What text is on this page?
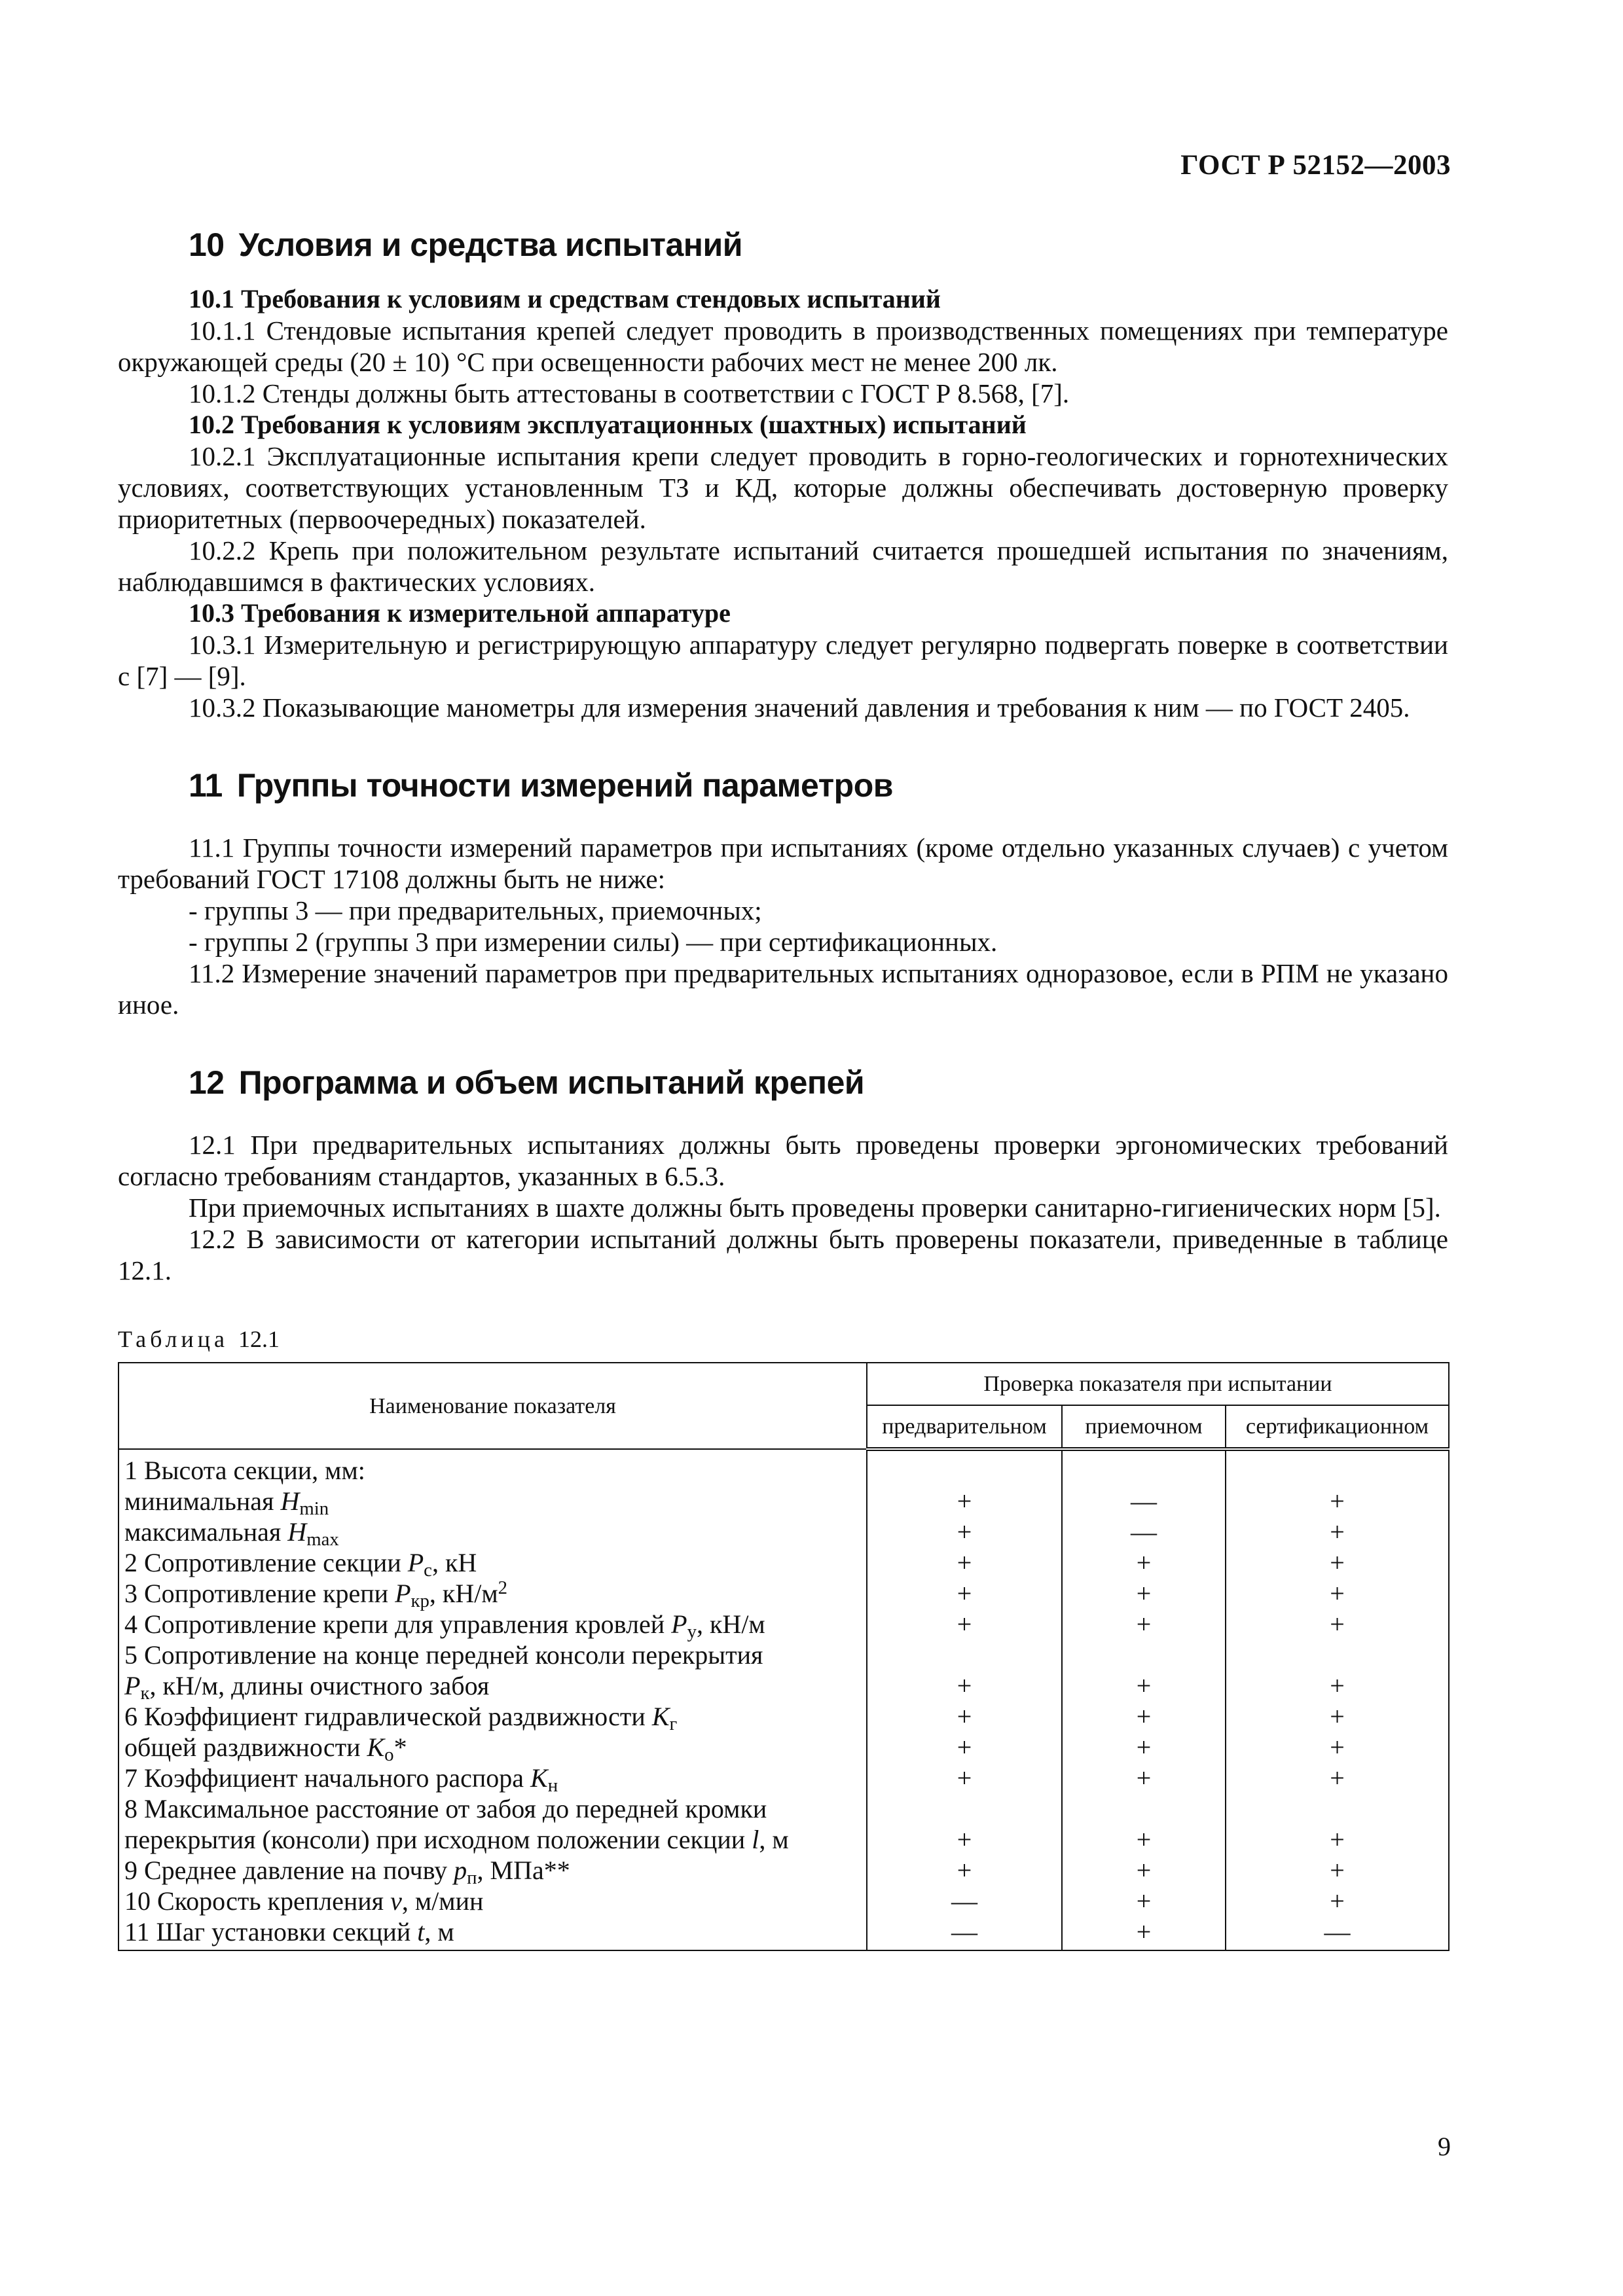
ГОСТ Р 52152—2003
10 Условия и средства испытаний

10.1 Требования к условиям и средствам стендовых испытаний

10.1.1 Стендовые испытания крепей следует проводить в производственных помещениях при температуре окружающей среды (20 ± 10) °С при освещенности рабочих мест не менее 200 лк.

10.1.2 Стенды должны быть аттестованы в соответствии с ГОСТ Р 8.568, [7].

10.2 Требования к условиям эксплуатационных (шахтных) испытаний

10.2.1 Эксплуатационные испытания крепи следует проводить в горно-геологических и горнотехнических условиях, соответствующих установленным ТЗ и КД, которые должны обеспечивать достоверную проверку приоритетных (первоочередных) показателей.

10.2.2 Крепь при положительном результате испытаний считается прошедшей испытания по значениям, наблюдавшимся в фактических условиях.

10.3 Требования к измерительной аппаратуре

10.3.1 Измерительную и регистрирующую аппаратуру следует регулярно подвергать поверке в соответствии с [7] — [9].

10.3.2 Показывающие манометры для измерения значений давления и требования к ним — по ГОСТ 2405.

11 Группы точности измерений параметров

11.1 Группы точности измерений параметров при испытаниях (кроме отдельно указанных случаев) с учетом требований ГОСТ 17108 должны быть не ниже:

- группы 3 — при предварительных, приемочных;

- группы 2 (группы 3 при измерении силы) — при сертификационных.

11.2 Измерение значений параметров при предварительных испытаниях одноразовое, если в РПМ не указано иное.

12 Программа и объем испытаний крепей

12.1 При предварительных испытаниях должны быть проведены проверки эргономических требований согласно требованиям стандартов, указанных в 6.5.3.

При приемочных испытаниях в шахте должны быть проведены проверки санитарно-гигиенических норм [5].

12.2 В зависимости от категории испытаний должны быть проверены показатели, приведенные в таблице 12.1.

Таблица 12.1
Наименование показателя	Проверка показателя при испытании		
	предварительном	приемочном	сертификационном
1 Высота секции, мм:			
минимальная $H_{min}$	+	—	+
максимальная $H_{max}$	+	—	+
2 Сопротивление секции $P_с$, кН	+	+	+
3 Сопротивление крепи $P_{кр}$, $кН/м^2$	+	+	+
4 Сопротивление крепи для управления кровлей $P_у$, кН/м	+	+	+
5 Сопротивление на конце передней консоли перекрытия			
$P_к$, кН/м, длины очистного забоя	+	+	+
6 Коэффициент гидравлической раздвижности $K_г$	+	+	+
общей раздвижности $K_о*$	+	+	+
7 Коэффициент начального распора $K_н$	+	+	+
8 Максимальное расстояние от забоя до передней кромки			
перекрытия (консоли) при исходном положении секции l, м	+	+	+
9 Среднее давление на почву $p_п$, МПа**	+	+	+
10 Скорость крепления v, м/мин	—	+	+
11 Шаг установки секций t, м	—	+	—
9
